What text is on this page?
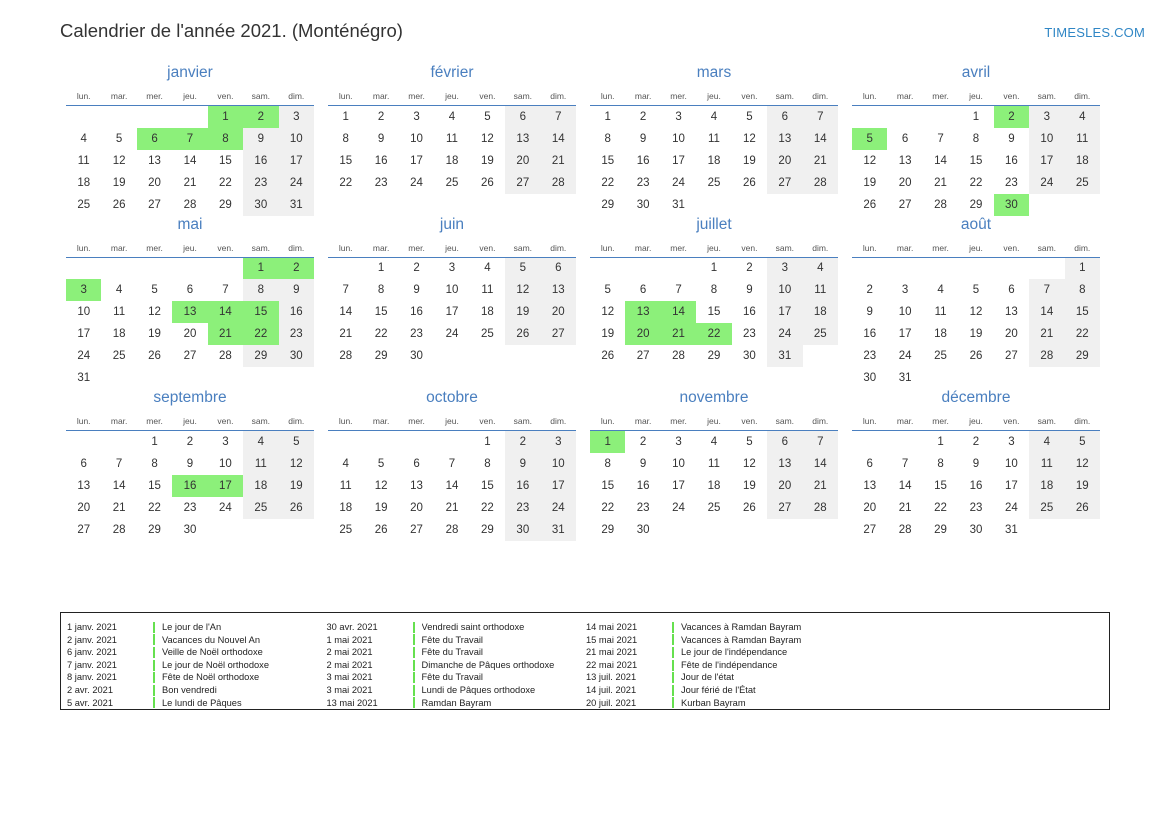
Calendrier de l'année 2021. (Monténégro)	TIMESLES.COM
janvier
lun.	mar.	mer.	jeu.	ven.	sam.	dim.
				1	2	3
4	5	6	7	8	9	10
11	12	13	14	15	16	17
18	19	20	21	22	23	24
25	26	27	28	29	30	31
février
lun.	mar.	mer.	jeu.	ven.	sam.	dim.
1	2	3	4	5	6	7
8	9	10	11	12	13	14
15	16	17	18	19	20	21
22	23	24	25	26	27	28

mars
lun.	mar.	mer.	jeu.	ven.	sam.	dim.
1	2	3	4	5	6	7
8	9	10	11	12	13	14
15	16	17	18	19	20	21
22	23	24	25	26	27	28
29	30	31				
avril
lun.	mar.	mer.	jeu.	ven.	sam.	dim.
			1	2	3	4
5	6	7	8	9	10	11
12	13	14	15	16	17	18
19	20	21	22	23	24	25
26	27	28	29	30		
mai
lun.	mar.	mer.	jeu.	ven.	sam.	dim.
					1	2
3	4	5	6	7	8	9
10	11	12	13	14	15	16
17	18	19	20	21	22	23
24	25	26	27	28	29	30
31						
juin
lun.	mar.	mer.	jeu.	ven.	sam.	dim.
	1	2	3	4	5	6
7	8	9	10	11	12	13
14	15	16	17	18	19	20
21	22	23	24	25	26	27
28	29	30				
juillet
lun.	mar.	mer.	jeu.	ven.	sam.	dim.
			1	2	3	4
5	6	7	8	9	10	11
12	13	14	15	16	17	18
19	20	21	22	23	24	25
26	27	28	29	30	31	
août
lun.	mar.	mer.	jeu.	ven.	sam.	dim.
						1
2	3	4	5	6	7	8
9	10	11	12	13	14	15
16	17	18	19	20	21	22
23	24	25	26	27	28	29
30	31					
septembre
lun.	mar.	mer.	jeu.	ven.	sam.	dim.
		1	2	3	4	5
6	7	8	9	10	11	12
13	14	15	16	17	18	19
20	21	22	23	24	25	26
27	28	29	30			
octobre
lun.	mar.	mer.	jeu.	ven.	sam.	dim.
				1	2	3
4	5	6	7	8	9	10
11	12	13	14	15	16	17
18	19	20	21	22	23	24
25	26	27	28	29	30	31
novembre
lun.	mar.	mer.	jeu.	ven.	sam.	dim.
1	2	3	4	5	6	7
8	9	10	11	12	13	14
15	16	17	18	19	20	21
22	23	24	25	26	27	28
29	30					
décembre
lun.	mar.	mer.	jeu.	ven.	sam.	dim.
		1	2	3	4	5
6	7	8	9	10	11	12
13	14	15	16	17	18	19
20	21	22	23	24	25	26
27	28	29	30	31		
1 janv. 2021	Le jour de l'An
2 janv. 2021	Vacances du Nouvel An
6 janv. 2021	Veille de Noël orthodoxe
7 janv. 2021	Le jour de Noël orthodoxe
8 janv. 2021	Fête de Noël orthodoxe
2 avr. 2021	Bon vendredi
5 avr. 2021	Le lundi de Pâques
30 avr. 2021	Vendredi saint orthodoxe
1 mai 2021	Fête du Travail
2 mai 2021	Fête du Travail
2 mai 2021	Dimanche de Pâques orthodoxe
3 mai 2021	Fête du Travail
3 mai 2021	Lundi de Pâques orthodoxe
13 mai 2021	Ramdan Bayram
14 mai 2021	Vacances à Ramdan Bayram
15 mai 2021	Vacances à Ramdan Bayram
21 mai 2021	Le jour de l'indépendance
22 mai 2021	Fête de l'indépendance
13 juil. 2021	Jour de l'état
14 juil. 2021	Jour férié de l'État
20 juil. 2021	Kurban Bayram
